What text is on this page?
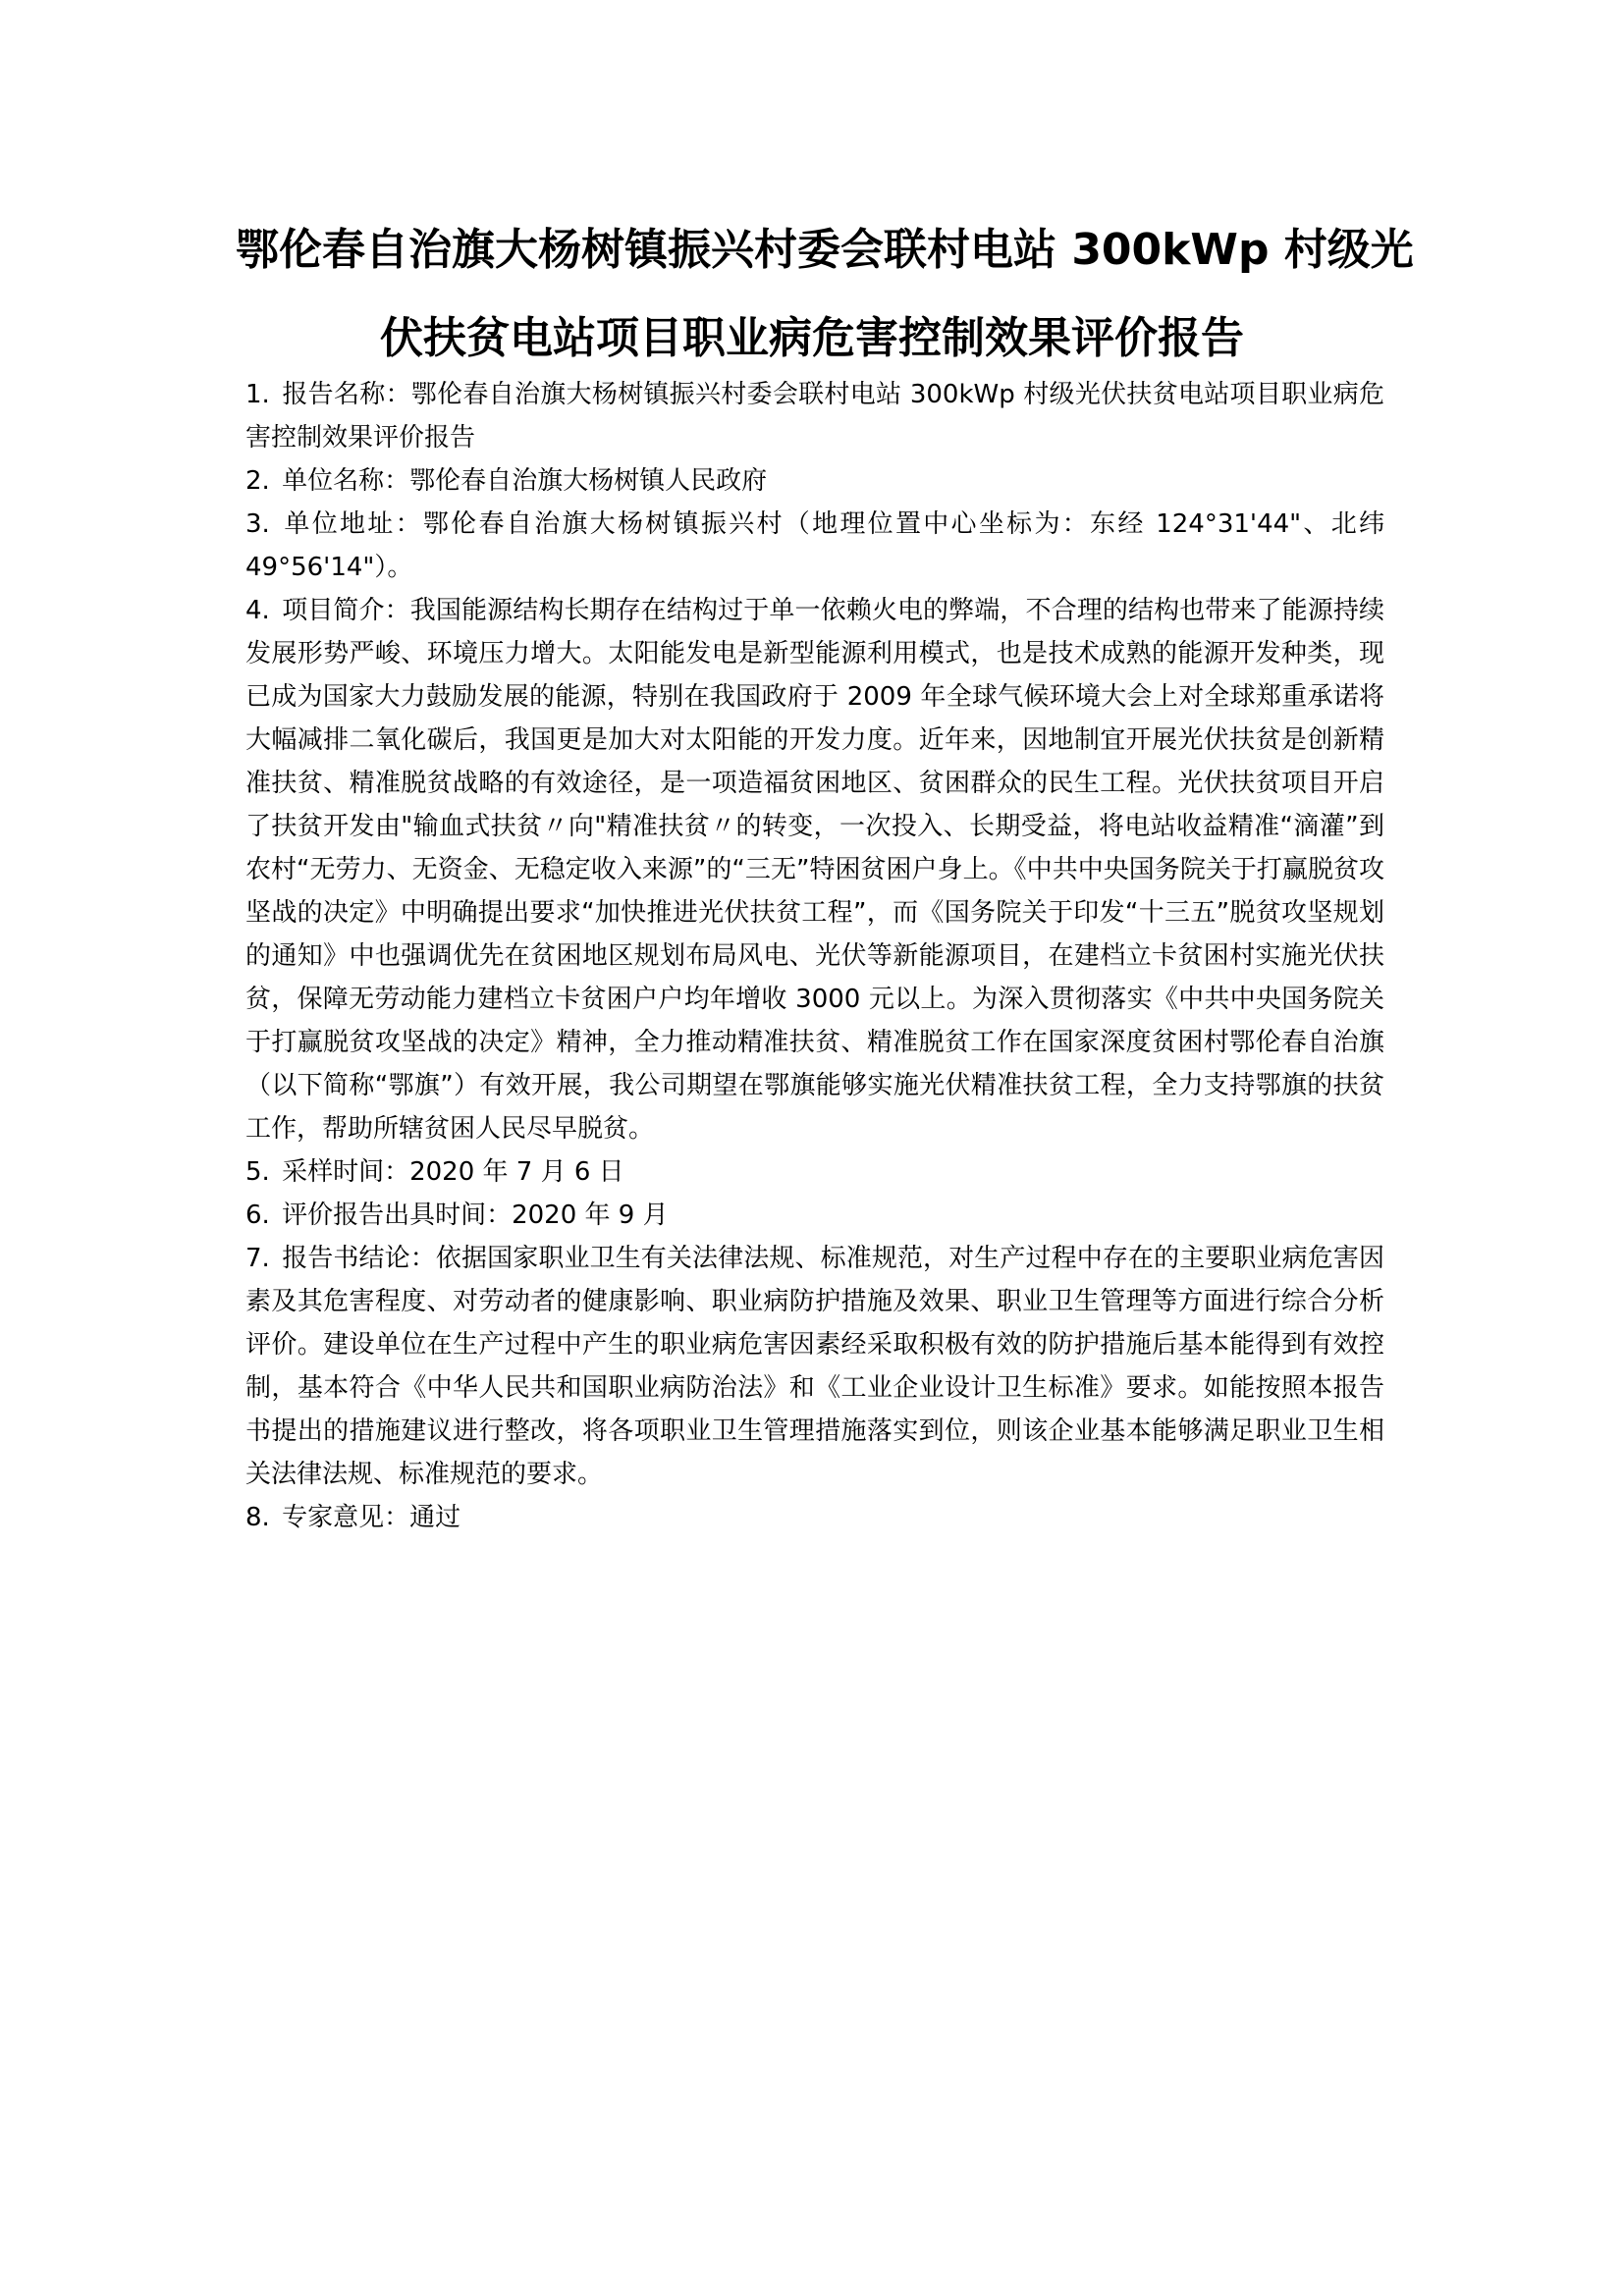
鄂伦春自治旗大杨树镇振兴村委会联村电站 300kWp 村级光
伏扶贫电站项目职业病危害控制效果评价报告

1. 报告名称：鄂伦春自治旗大杨树镇振兴村委会联村电站 300kWp 村级光伏扶贫电站项目职业病危害控制效果评价报告

2. 单位名称：鄂伦春自治旗大杨树镇人民政府

3. 单位地址：鄂伦春自治旗大杨树镇振兴村（地理位置中心坐标为：东经 124°31'44"、北纬 49°56'14"）。

4. 项目简介：我国能源结构长期存在结构过于单一依赖火电的弊端，不合理的结构也带来了能源持续发展形势严峻、环境压力增大。太阳能发电是新型能源利用模式，也是技术成熟的能源开发种类，现已成为国家大力鼓励发展的能源，特别在我国政府于 2009 年全球气候环境大会上对全球郑重承诺将大幅减排二氧化碳后，我国更是加大对太阳能的开发力度。近年来，因地制宜开展光伏扶贫是创新精准扶贫、精准脱贫战略的有效途径，是一项造福贫困地区、贫困群众的民生工程。光伏扶贫项目开启了扶贫开发由"输血式扶贫〃向"精准扶贫〃的转变，一次投入、长期受益，将电站收益精准“滴灌”到农村“无劳力、无资金、无稳定收入来源”的“三无”特困贫困户身上。《中共中央国务院关于打赢脱贫攻坚战的决定》中明确提出要求“加快推进光伏扶贫工程”，而《国务院关于印发“十三五”脱贫攻坚规划的通知》中也强调优先在贫困地区规划布局风电、光伏等新能源项目，在建档立卡贫困村实施光伏扶贫，保障无劳动能力建档立卡贫困户户均年增收 3000 元以上。为深入贯彻落实《中共中央国务院关于打赢脱贫攻坚战的决定》精神，全力推动精准扶贫、精准脱贫工作在国家深度贫困村鄂伦春自治旗（以下简称“鄂旗”）有效开展，我公司期望在鄂旗能够实施光伏精准扶贫工程，全力支持鄂旗的扶贫工作，帮助所辖贫困人民尽早脱贫。

5. 采样时间：2020 年 7 月 6 日

6. 评价报告出具时间：2020 年 9 月

7. 报告书结论：依据国家职业卫生有关法律法规、标准规范，对生产过程中存在的主要职业病危害因素及其危害程度、对劳动者的健康影响、职业病防护措施及效果、职业卫生管理等方面进行综合分析评价。建设单位在生产过程中产生的职业病危害因素经采取积极有效的防护措施后基本能得到有效控制，基本符合《中华人民共和国职业病防治法》和《工业企业设计卫生标准》要求。如能按照本报告书提出的措施建议进行整改，将各项职业卫生管理措施落实到位，则该企业基本能够满足职业卫生相关法律法规、标准规范的要求。

8. 专家意见：通过
